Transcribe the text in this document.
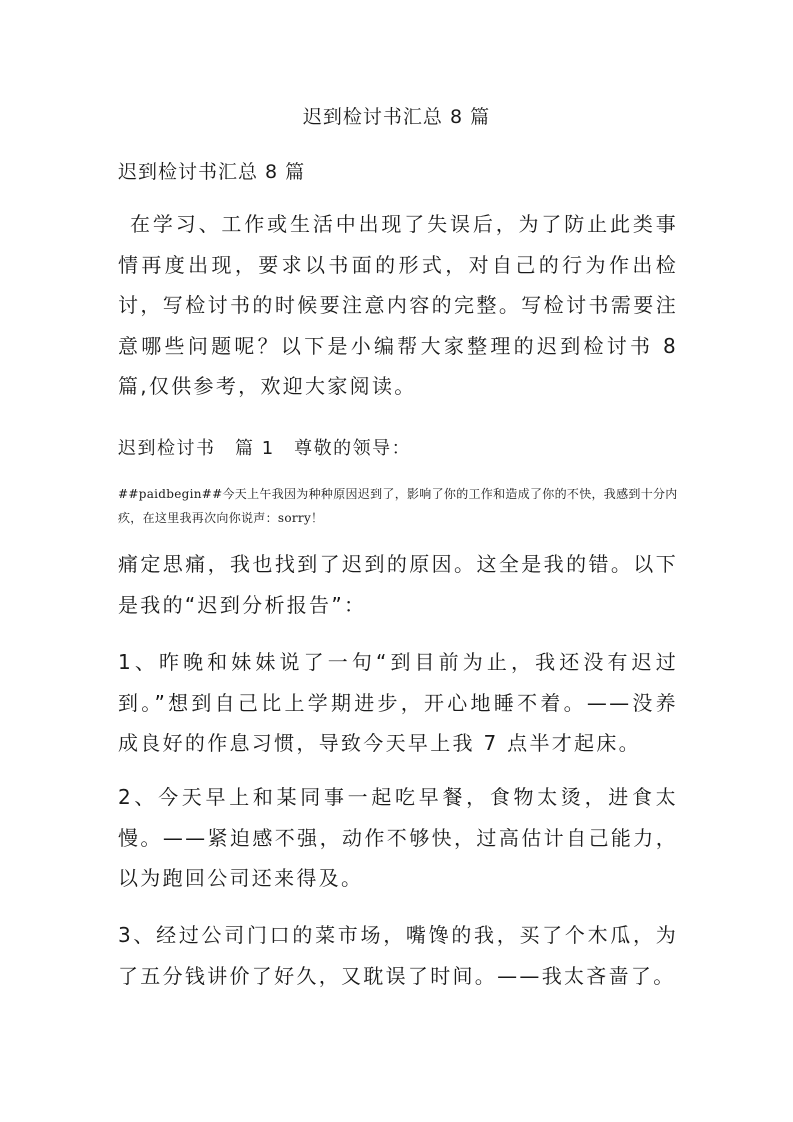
迟到检讨书汇总 8 篇

迟到检讨书汇总 8 篇

在学习、工作或生活中出现了失误后，为了防止此类事情再度出现，要求以书面的形式，对自己的行为作出检讨，写检讨书的时候要注意内容的完整。写检讨书需要注意哪些问题呢？以下是小编帮大家整理的迟到检讨书 8 篇,仅供参考，欢迎大家阅读。

迟到检讨书　篇 1　尊敬的领导：

##paidbegin##今天上午我因为种种原因迟到了，影响了你的工作和造成了你的不快，我感到十分内疚，在这里我再次向你说声：sorry！

痛定思痛，我也找到了迟到的原因。这全是我的错。以下是我的“迟到分析报告”：

1、昨晚和妹妹说了一句“到目前为止，我还没有迟过到。”想到自己比上学期进步，开心地睡不着。——没养成良好的作息习惯，导致今天早上我 7 点半才起床。

2、今天早上和某同事一起吃早餐，食物太烫，进食太慢。——紧迫感不强，动作不够快，过高估计自己能力，以为跑回公司还来得及。

3、经过公司门口的菜市场，嘴馋的我，买了个木瓜，为了五分钱讲价了好久，又耽误了时间。——我太吝啬了。
